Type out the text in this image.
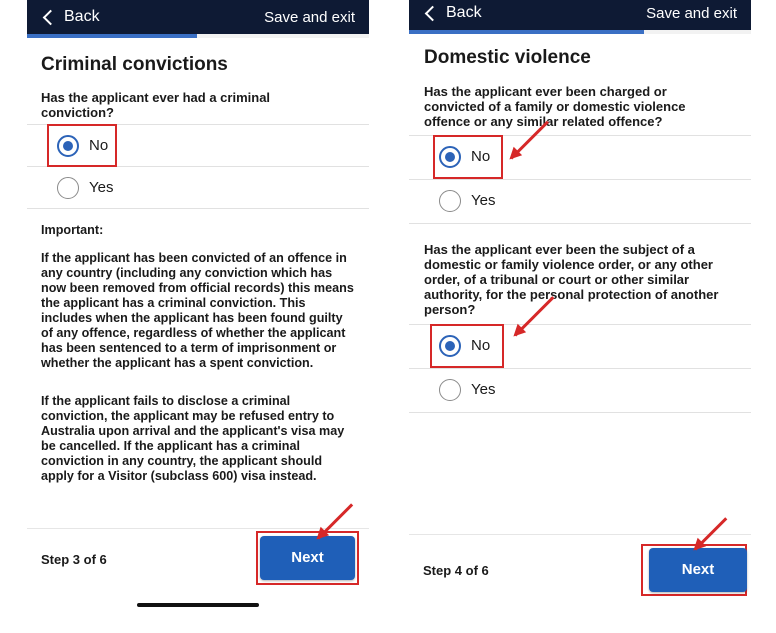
Back	Save and exit
Criminal convictions
Has the applicant ever had a criminal conviction?
No
Yes
Important:
If the applicant has been convicted of an offence in any country (including any conviction which has now been removed from official records) this means the applicant has a criminal conviction. This includes when the applicant has been found guilty of any offence, regardless of whether the applicant has been sentenced to a term of imprisonment or whether the applicant has a spent conviction.
If the applicant fails to disclose a criminal conviction, the applicant may be refused entry to Australia upon arrival and the applicant's visa may be cancelled. If the applicant has a criminal conviction in any country, the applicant should apply for a Visitor (subclass 600) visa instead.
Step 3 of 6	Next
Back	Save and exit
Domestic violence
Has the applicant ever been charged or convicted of a family or domestic violence offence or any similar related offence?
No
Yes
Has the applicant ever been the subject of a domestic or family violence order, or any other order, of a tribunal or court or other similar authority, for the personal protection of another person?
No
Yes
Step 4 of 6	Next
